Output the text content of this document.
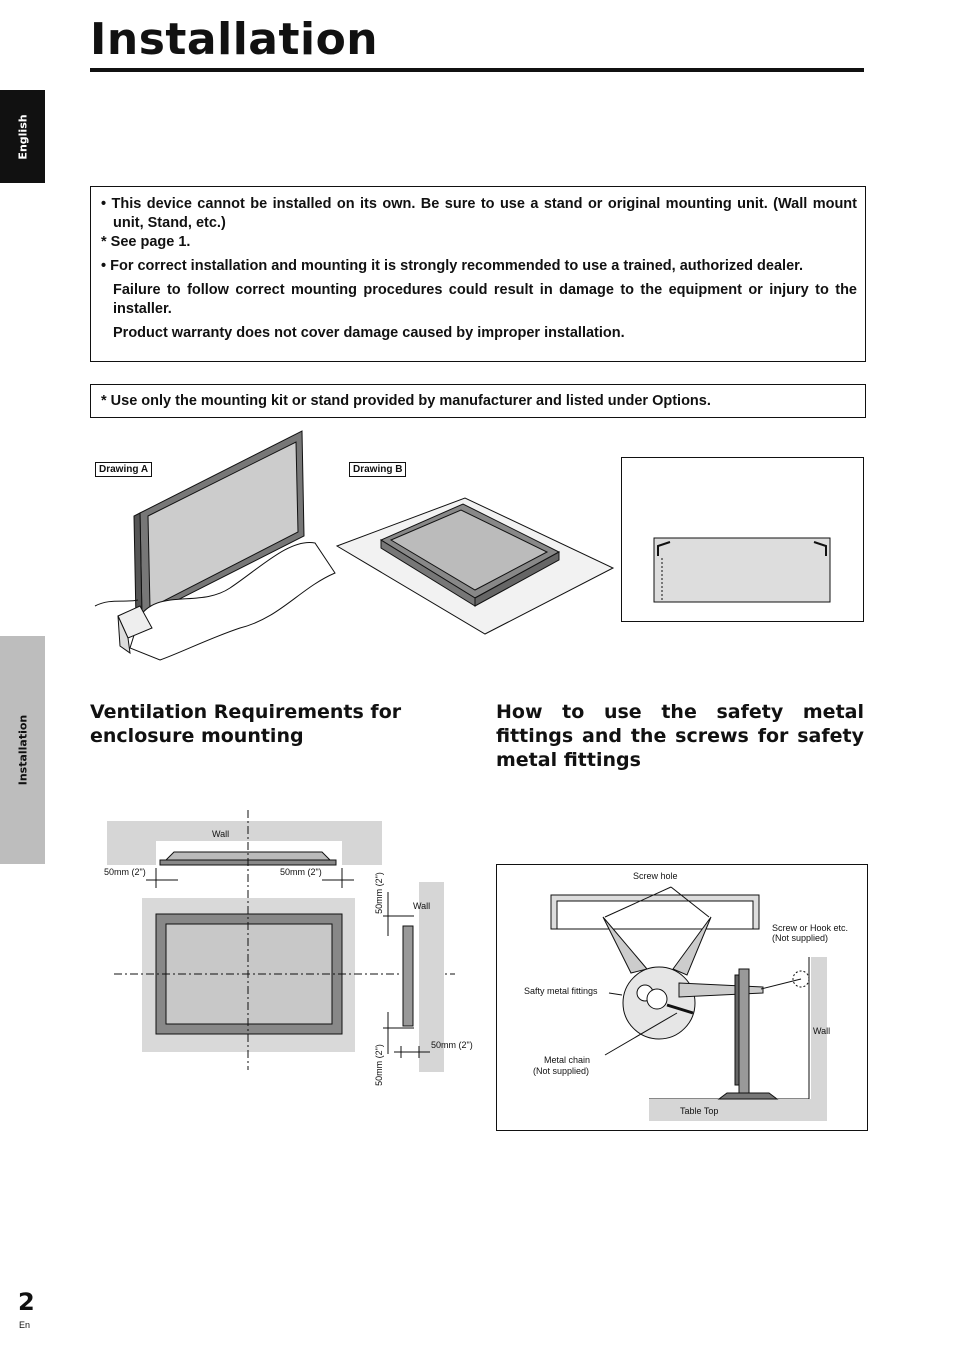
Installation
English
Installation

• This device cannot be installed on its own. Be sure to use a stand or original mounting unit. (Wall mount unit, Stand, etc.)

* See page 1.

• For correct installation and mounting it is strongly recommended to use a trained, authorized dealer.

Failure to follow correct mounting procedures could result in damage to the equipment or injury to the installer.

Product warranty does not cover damage caused by improper installation.

* Use only the mounting kit or stand provided by manufacturer and listed under Options.
Drawing A	Drawing B
Ventilation Requirements for enclosure mounting
How to use the safety metal fittings and the screws for safety metal fittings
Wall
50mm (2")	50mm (2")
Wall
50mm (2")
50mm (2")	50mm (2")
Screw hole
Screw or Hook etc.
(Not supplied)
Safty metal fittings
Wall
Metal chain
(Not supplied)
Table Top
2
En
